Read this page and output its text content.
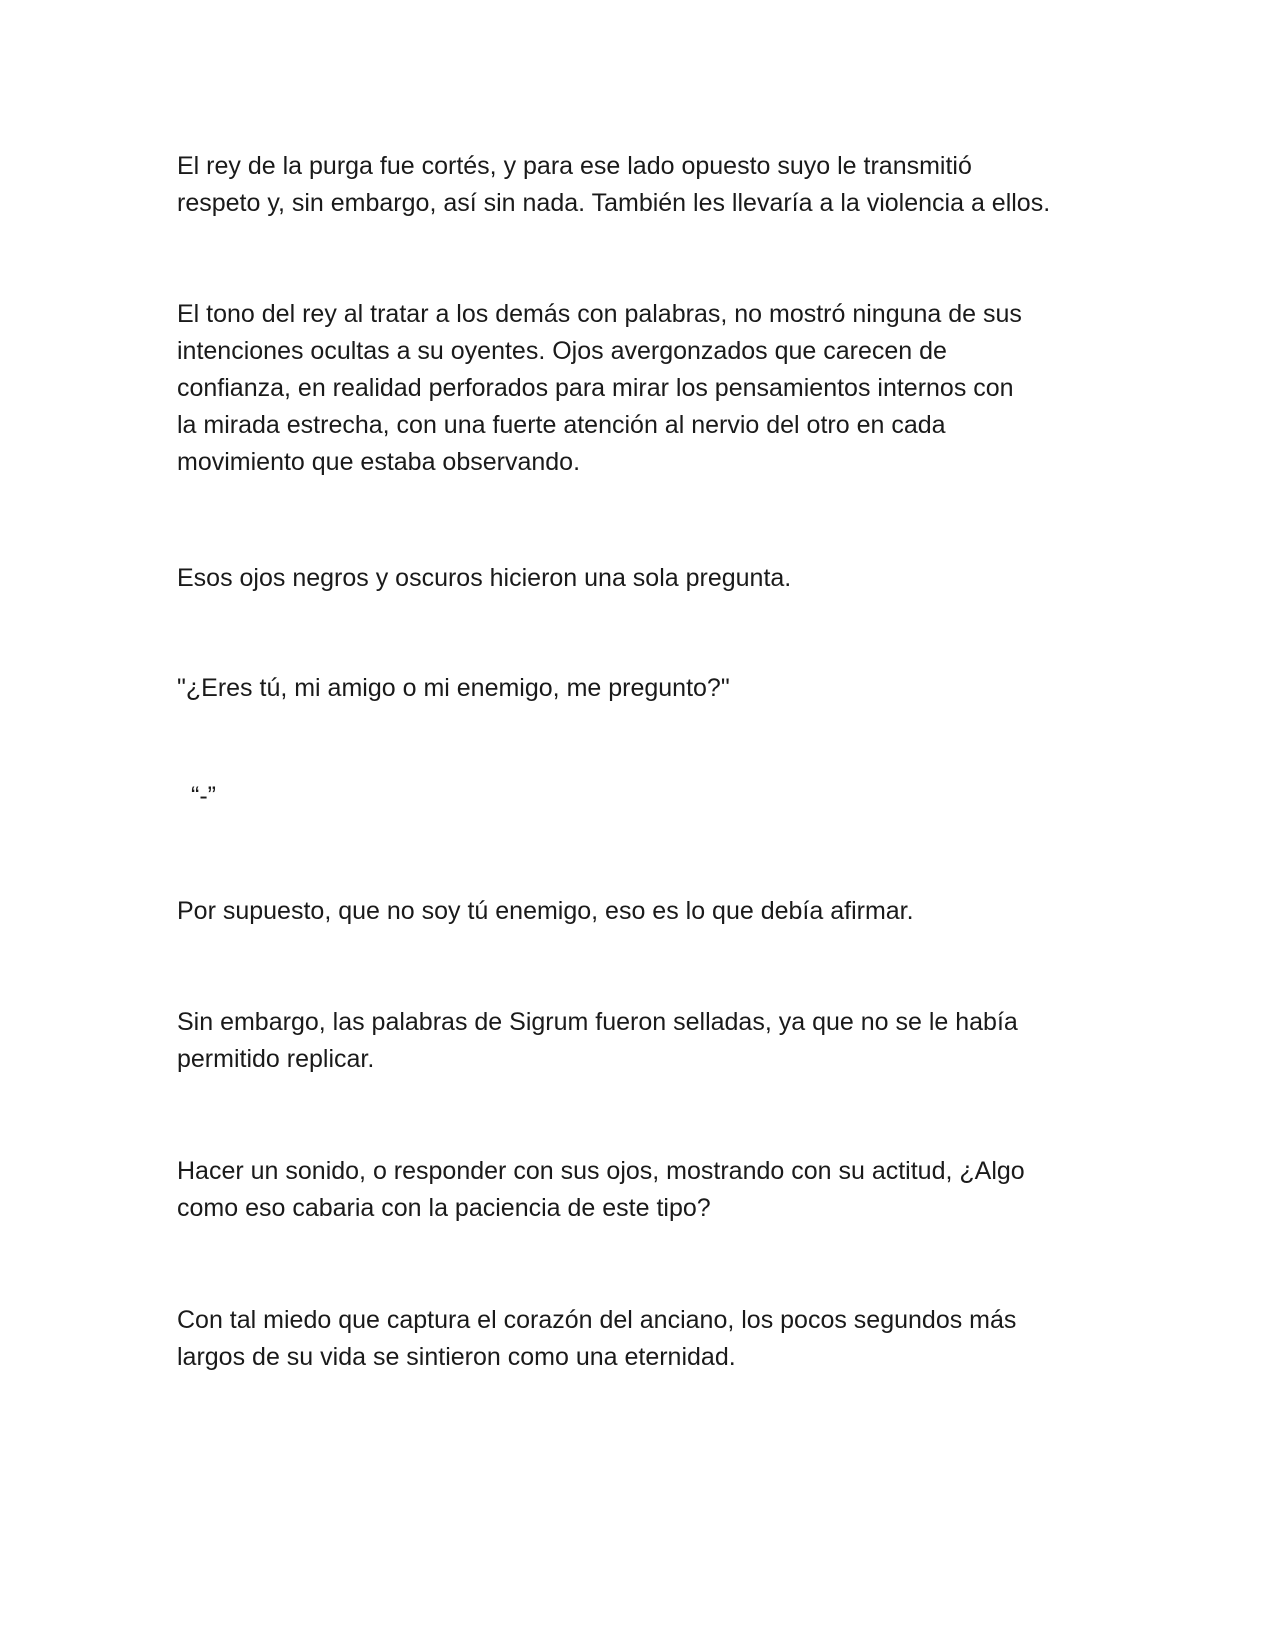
El rey de la purga fue cortés, y para ese lado opuesto suyo le transmitió
respeto y, sin embargo, así sin nada. También les llevaría a la violencia a ellos.

El tono del rey al tratar a los demás con palabras, no mostró ninguna de sus
intenciones ocultas a su oyentes. Ojos avergonzados que carecen de
confianza, en realidad perforados para mirar los pensamientos internos con
la mirada estrecha, con una fuerte atención al nervio del otro en cada
movimiento que estaba observando.

Esos ojos negros y oscuros hicieron una sola pregunta.

"¿Eres tú, mi amigo o mi enemigo, me pregunto?"

“-”

Por supuesto, que no soy tú enemigo, eso es lo que debía afirmar.

Sin embargo, las palabras de Sigrum fueron selladas, ya que no se le había
permitido replicar.

Hacer un sonido, o responder con sus ojos, mostrando con su actitud, ¿Algo
como eso cabaria con la paciencia de este tipo?

Con tal miedo que captura el corazón del anciano, los pocos segundos más
largos de su vida se sintieron como una eternidad.
